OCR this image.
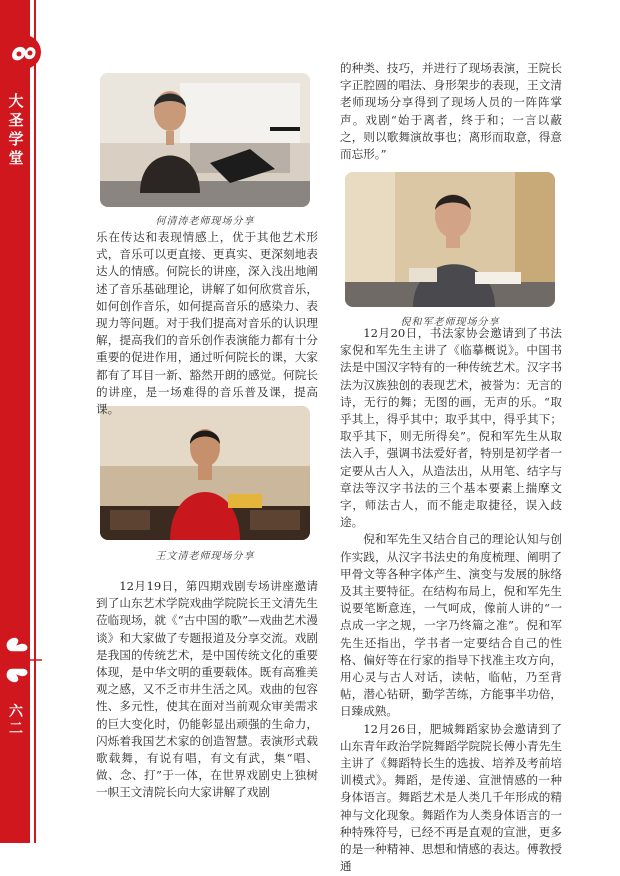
大圣学堂
六二
何清涛老师现场分享
王文清老师现场分享
倪和军老师现场分享

乐在传达和表现情感上，优于其他艺术形式，音乐可以更直接、更真实、更深刻地表达人的情感。何院长的讲座，深入浅出地阐述了音乐基础理论，讲解了如何欣赏音乐，如何创作音乐，如何提高音乐的感染力、表现力等问题。对于我们提高对音乐的认识理解，提高我们的音乐创作表演能力都有十分重要的促进作用，通过听何院长的课，大家都有了耳目一新、豁然开朗的感觉。何院长的讲座，是一场难得的音乐普及课，提高课。

12月19日，第四期戏剧专场讲座邀请到了山东艺术学院戏曲学院院长王文清先生莅临现场，就《“古中国的歌”—戏曲艺术漫谈》和大家做了专题报道及分享交流。戏剧是我国的传统艺术，是中国传统文化的重要体现，是中华文明的重要载体。既有高雅美观之感，又不乏市井生活之风。戏曲的包容性、多元性，使其在面对当前观众审美需求的巨大变化时，仍能彰显出顽强的生命力，闪烁着我国艺术家的创造智慧。表演形式载歌载舞，有说有唱，有文有武，集“唱、做、念、打”于一体，在世界戏剧史上独树一帜王文清院长向大家讲解了戏剧

的种类、技巧，并进行了现场表演，王院长字正腔圆的唱法、身形架步的表现，王文清老师现场分享得到了现场人员的一阵阵掌声。戏剧“始于离者，终于和；一言以蔽之，则以歌舞演故事也；离形而取意，得意而忘形。”

12月20日，书法家协会邀请到了书法家倪和军先生主讲了《临摹概说》。中国书法是中国汉字特有的一种传统艺术。汉字书法为汉族独创的表现艺术，被誉为：无言的诗，无行的舞；无图的画，无声的乐。“取乎其上，得乎其中；取乎其中，得乎其下；取乎其下，则无所得矣”。倪和军先生从取法入手，强调书法爱好者，特别是初学者一定要从古人入，从造法出，从用笔、结字与章法等汉字书法的三个基本要素上揣摩文字，师法古人，而不能走取捷径，误入歧途。

倪和军先生又结合自己的理论认知与创作实践，从汉字书法史的角度梳理、阐明了甲骨文等各种字体产生、演变与发展的脉络及其主要特征。在结构布局上，倪和军先生说要笔断意连，一气呵成，像前人讲的“一点成一字之规，一字乃终篇之准”。倪和军先生还指出，学书者一定要结合自己的性格、偏好等在行家的指导下找准主攻方向，用心灵与古人对话，读帖，临帖，乃至背帖，潜心钻研，勤学苦练，方能事半功倍，日臻成熟。

12月26日，肥城舞蹈家协会邀请到了山东青年政治学院舞蹈学院院长傅小青先生主讲了《舞蹈特长生的选拔、培养及考前培训模式》。舞蹈，是传递、宣泄情感的一种身体语言。舞蹈艺术是人类几千年形成的精神与文化现象。舞蹈作为人类身体语言的一种特殊符号，已经不再是直观的宣泄，更多的是一种精神、思想和情感的表达。傅教授通
